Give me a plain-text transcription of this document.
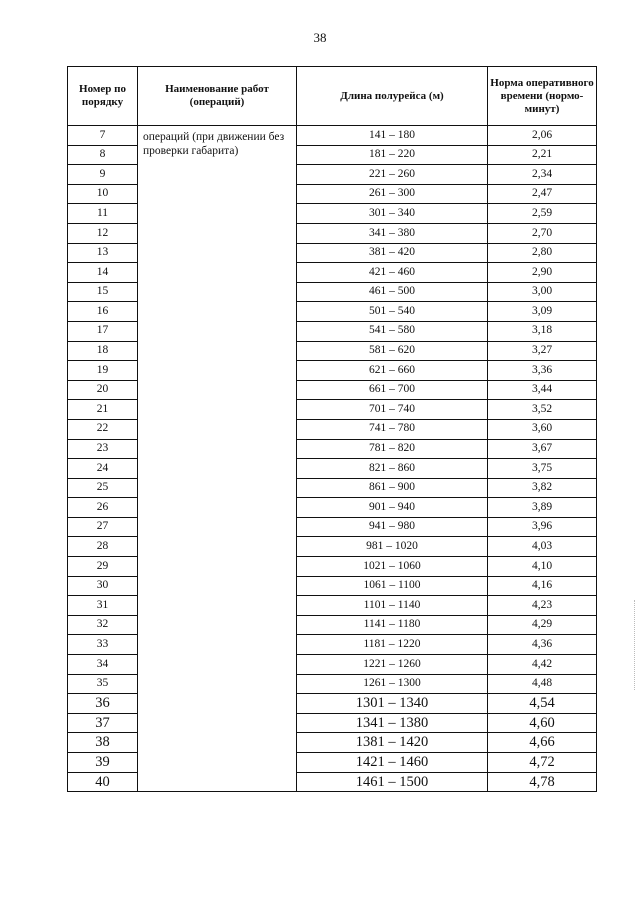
38
Номер по порядку	Наименование работ (операций)	Длина полурейса (м)	Норма оперативного времени (нормо-минут)
7	операций (при движении без проверки габарита)	141 – 180	2,06
8		181 – 220	2,21
9		221 – 260	2,34
10		261 – 300	2,47
11		301 – 340	2,59
12		341 – 380	2,70
13		381 – 420	2,80
14		421 – 460	2,90
15		461 – 500	3,00
16		501 – 540	3,09
17		541 – 580	3,18
18		581 – 620	3,27
19		621 – 660	3,36
20		661 – 700	3,44
21		701 – 740	3,52
22		741 – 780	3,60
23		781 – 820	3,67
24		821 – 860	3,75
25		861 – 900	3,82
26		901 – 940	3,89
27		941 – 980	3,96
28		981 – 1020	4,03
29		1021 – 1060	4,10
30		1061 – 1100	4,16
31		1101 – 1140	4,23
32		1141 – 1180	4,29
33		1181 – 1220	4,36
34		1221 – 1260	4,42
35		1261 – 1300	4,48
36		1301 – 1340	4,54
37		1341 – 1380	4,60
38		1381 – 1420	4,66
39		1421 – 1460	4,72
40		1461 – 1500	4,78
